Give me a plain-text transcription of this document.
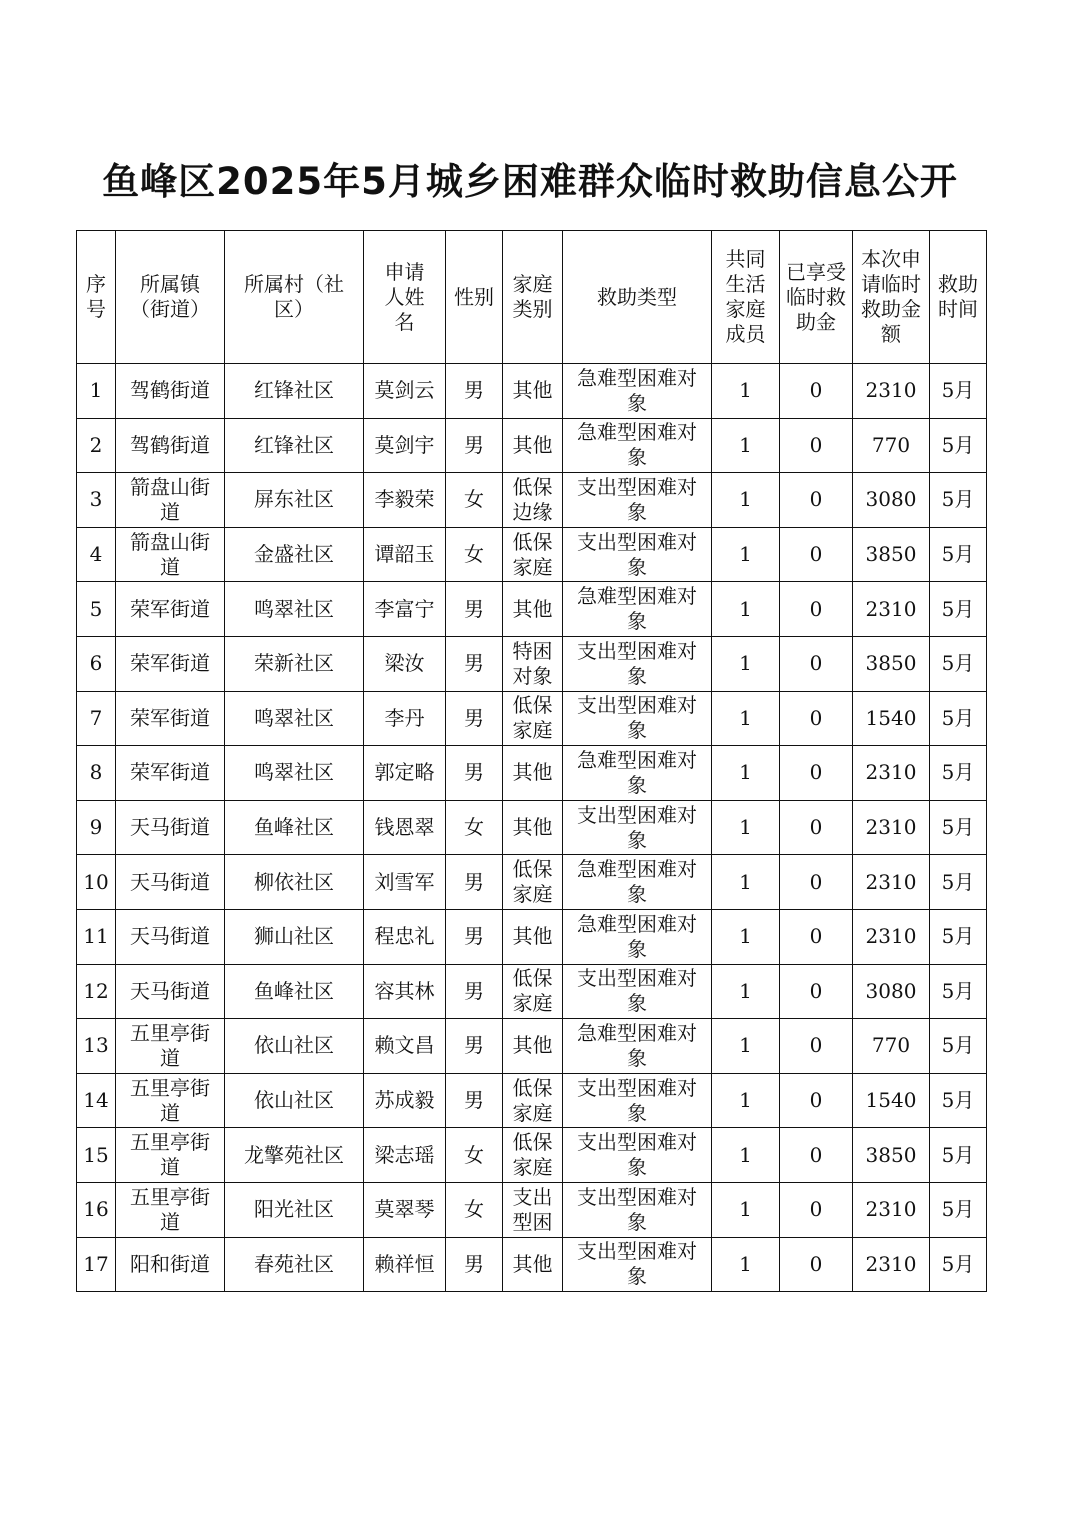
鱼峰区2025年5月城乡困难群众临时救助信息公开
序号	所属镇（街道）	所属村（社区）	申请人姓名	性别	家庭类别	救助类型	共同生活家庭成员	已享受临时救助金	本次申请临时救助金额	救助时间
1	驾鹤街道	红锋社区	莫剑云	男	其他	急难型困难对象	1	0	2310	5月
2	驾鹤街道	红锋社区	莫剑宇	男	其他	急难型困难对象	1	0	770	5月
3	箭盘山街道	屏东社区	李毅荣	女	低保边缘	支出型困难对象	1	0	3080	5月
4	箭盘山街道	金盛社区	谭韶玉	女	低保家庭	支出型困难对象	1	0	3850	5月
5	荣军街道	鸣翠社区	李富宁	男	其他	急难型困难对象	1	0	2310	5月
6	荣军街道	荣新社区	梁汝	男	特困对象	支出型困难对象	1	0	3850	5月
7	荣军街道	鸣翠社区	李丹	男	低保家庭	支出型困难对象	1	0	1540	5月
8	荣军街道	鸣翠社区	郭定略	男	其他	急难型困难对象	1	0	2310	5月
9	天马街道	鱼峰社区	钱恩翠	女	其他	支出型困难对象	1	0	2310	5月
10	天马街道	柳依社区	刘雪军	男	低保家庭	急难型困难对象	1	0	2310	5月
11	天马街道	狮山社区	程忠礼	男	其他	急难型困难对象	1	0	2310	5月
12	天马街道	鱼峰社区	容其林	男	低保家庭	支出型困难对象	1	0	3080	5月
13	五里亭街道	依山社区	赖文昌	男	其他	急难型困难对象	1	0	770	5月
14	五里亭街道	依山社区	苏成毅	男	低保家庭	支出型困难对象	1	0	1540	5月
15	五里亭街道	龙擎苑社区	梁志瑶	女	低保家庭	支出型困难对象	1	0	3850	5月
16	五里亭街道	阳光社区	莫翠琴	女	支出型困	支出型困难对象	1	0	2310	5月
17	阳和街道	春苑社区	赖祥恒	男	其他	支出型困难对象	1	0	2310	5月
